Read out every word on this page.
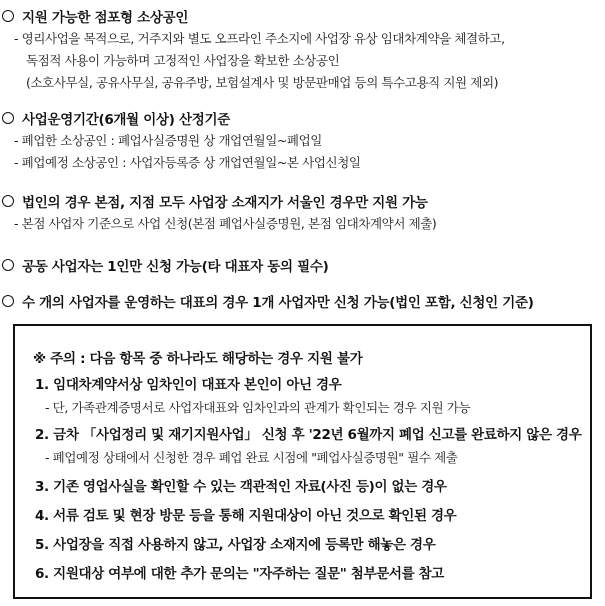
지원 가능한 점포형 소상공인
- 영리사업을 목적으로, 거주지와 별도 오프라인 주소지에 사업장 유상 임대차계약을 체결하고,
독점적 사용이 가능하며 고정적인 사업장을 확보한 소상공인
(소호사무실, 공유사무실, 공유주방, 보험설계사 및 방문판매업 등의 특수고용직 지원 제외)
사업운영기간(6개월 이상) 산정기준
- 폐업한 소상공인 : 폐업사실증명원 상 개업연월일~폐업일
- 폐업예정 소상공인 : 사업자등록증 상 개업연월일~본 사업신청일
법인의 경우 본점, 지점 모두 사업장 소재지가 서울인 경우만 지원 가능
- 본점 사업자 기준으로 사업 신청(본점 폐업사실증명원, 본점 임대차계약서 제출)
공동 사업자는 1인만 신청 가능(타 대표자 동의 필수)
수 개의 사업자를 운영하는 대표의 경우 1개 사업자만 신청 가능(법인 포함, 신청인 기준)
※ 주의 : 다음 항목 중 하나라도 해당하는 경우 지원 불가
1. 임대차계약서상 임차인이 대표자 본인이 아닌 경우
- 단, 가족관계증명서로 사업자대표와 임차인과의 관계가 확인되는 경우 지원 가능
2. 금차 「사업정리 및 재기지원사업」 신청 후 '22년 6월까지 폐업 신고를 완료하지 않은 경우
- 폐업예정 상태에서 신청한 경우 폐업 완료 시점에 "폐업사실증명원" 필수 제출
3. 기존 영업사실을 확인할 수 있는 객관적인 자료(사진 등)이 없는 경우
4. 서류 검토 및 현장 방문 등을 통해 지원대상이 아닌 것으로 확인된 경우
5. 사업장을 직접 사용하지 않고, 사업장 소재지에 등록만 해놓은 경우
6. 지원대상 여부에 대한 추가 문의는 "자주하는 질문" 첨부문서를 참고
